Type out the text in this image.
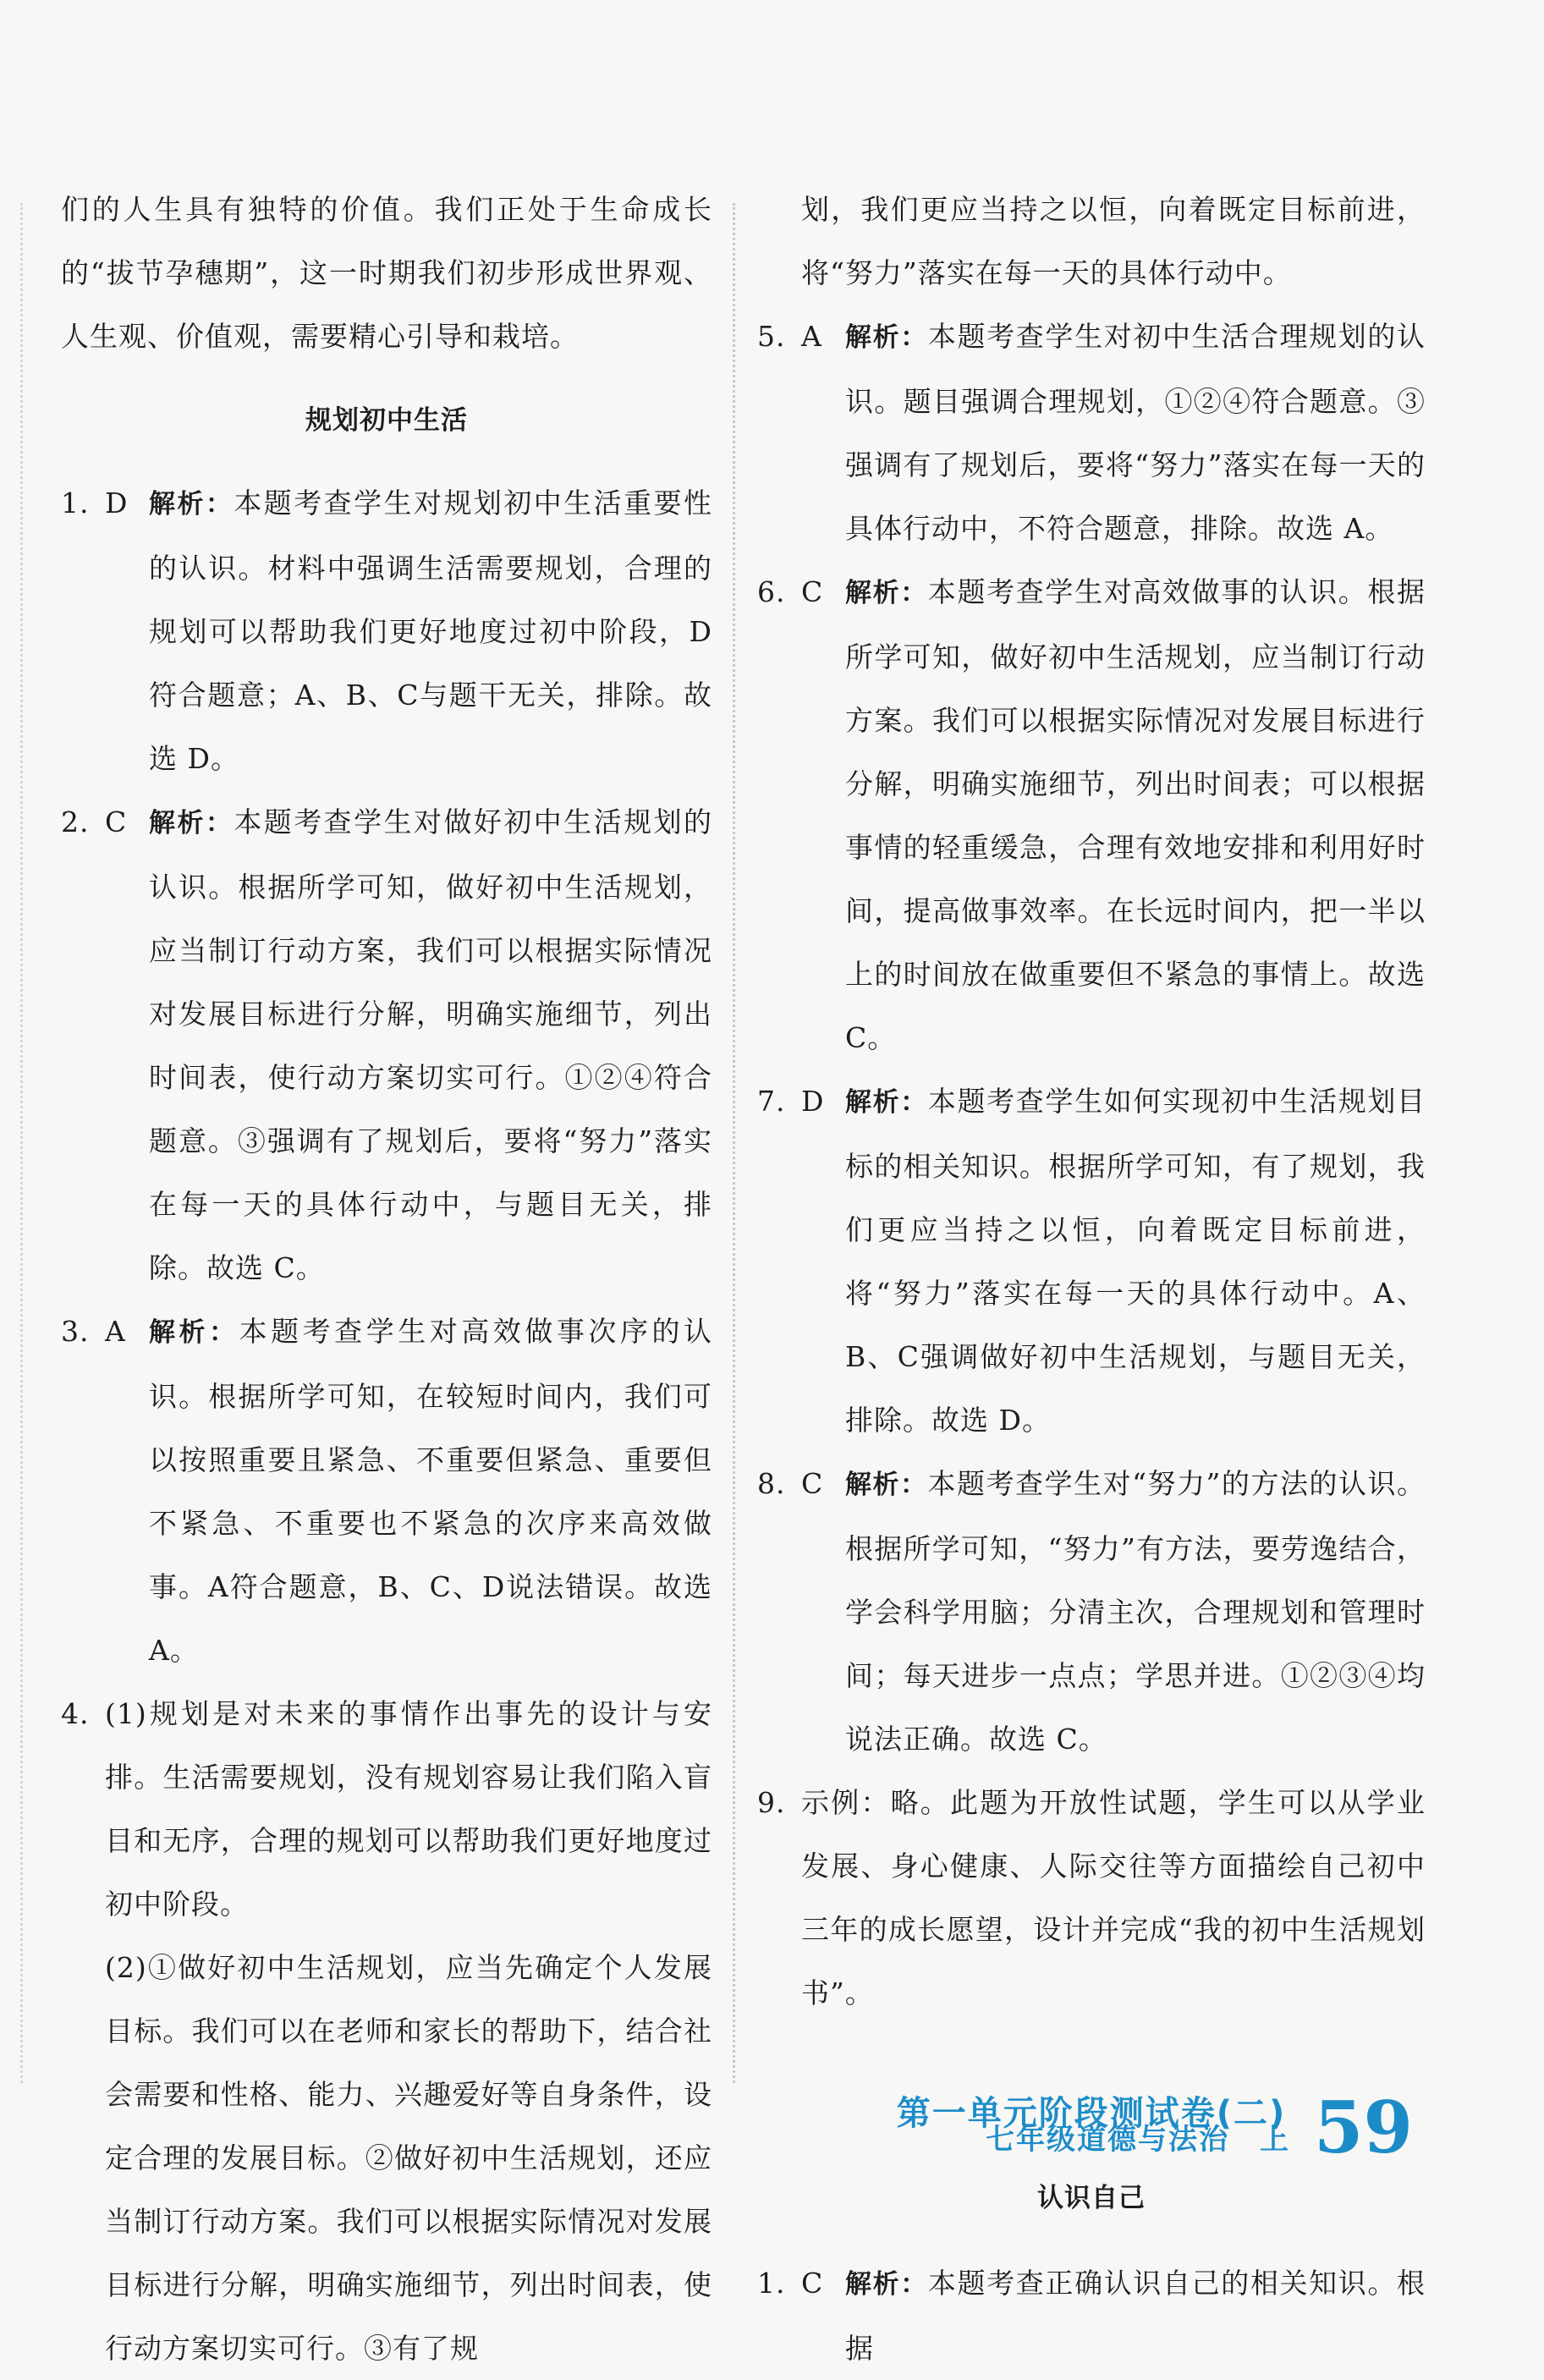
们的人生具有独特的价值。我们正处于生命成长的“拔节孕穗期”，这一时期我们初步形成世界观、人生观、价值观，需要精心引导和栽培。

规划初中生活
1. D 解析：本题考查学生对规划初中生活重要性的认识。材料中强调生活需要规划，合理的规划可以帮助我们更好地度过初中阶段，D符合题意；A、B、C与题干无关，排除。故选 D。

2. C 解析：本题考查学生对做好初中生活规划的认识。根据所学可知，做好初中生活规划，应当制订行动方案，我们可以根据实际情况对发展目标进行分解，明确实施细节，列出时间表，使行动方案切实可行。①②④符合题意。③强调有了规划后，要将“努力”落实在每一天的具体行动中，与题目无关，排除。故选 C。

3. A 解析：本题考查学生对高效做事次序的认识。根据所学可知，在较短时间内，我们可以按照重要且紧急、不重要但紧急、重要但不紧急、不重要也不紧急的次序来高效做事。A符合题意，B、C、D说法错误。故选 A。

4. (1)规划是对未来的事情作出事先的设计与安排。生活需要规划，没有规划容易让我们陷入盲目和无序，合理的规划可以帮助我们更好地度过初中阶段。

(2)①做好初中生活规划，应当先确定个人发展目标。我们可以在老师和家长的帮助下，结合社会需要和性格、能力、兴趣爱好等自身条件，设定合理的发展目标。②做好初中生活规划，还应当制订行动方案。我们可以根据实际情况对发展目标进行分解，明确实施细节，列出时间表，使行动方案切实可行。③有了规

划，我们更应当持之以恒，向着既定目标前进，将“努力”落实在每一天的具体行动中。

5. A 解析：本题考查学生对初中生活合理规划的认识。题目强调合理规划，①②④符合题意。③强调有了规划后，要将“努力”落实在每一天的具体行动中，不符合题意，排除。故选 A。

6. C 解析：本题考查学生对高效做事的认识。根据所学可知，做好初中生活规划，应当制订行动方案。我们可以根据实际情况对发展目标进行分解，明确实施细节，列出时间表；可以根据事情的轻重缓急，合理有效地安排和利用好时间，提高做事效率。在长远时间内，把一半以上的时间放在做重要但不紧急的事情上。故选 C。

7. D 解析：本题考查学生如何实现初中生活规划目标的相关知识。根据所学可知，有了规划，我们更应当持之以恒，向着既定目标前进，将“努力”落实在每一天的具体行动中。A、B、C强调做好初中生活规划，与题目无关，排除。故选 D。

8. C 解析：本题考查学生对“努力”的方法的认识。根据所学可知，“努力”有方法，要劳逸结合，学会科学用脑；分清主次，合理规划和管理时间；每天进步一点点；学思并进。①②③④均说法正确。故选 C。

9. 示例：略。此题为开放性试题，学生可以从学业发展、身心健康、人际交往等方面描绘自己初中三年的成长愿望，设计并完成“我的初中生活规划书”。

第一单元阶段测试卷(二)
认识自己
1. C 解析：本题考查正确认识自己的相关知识。根据

七年级道德与法治　上 59
